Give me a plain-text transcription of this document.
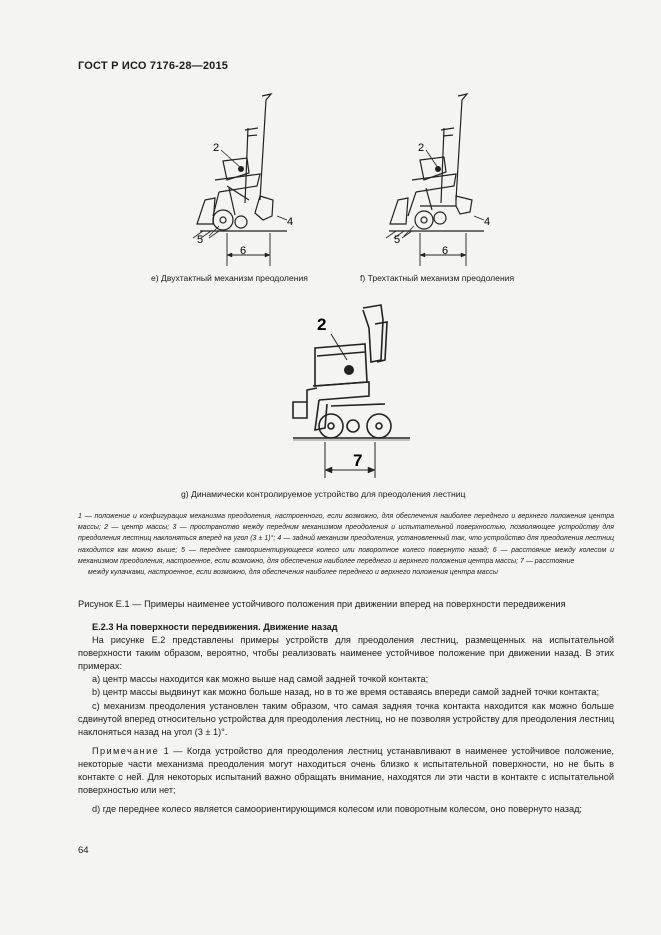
ГОСТ Р ИСО 7176-28—2015
2
4
5
6
2
4
5
6
e) Двухтактный механизм преодоления	f) Трехтактный механизм преодоления
2
7
g) Динамически контролируемое устройство для преодоления лестниц

1 — положение и конфигурация механизма преодоления, настроенного, если возможно, для обеспечения наиболее переднего и верхнего положения центра массы; 2 — центр массы; 3 — пространство между передним механизмом преодоления и испытательной поверхностью, позволяющее устройству для преодоления лестниц наклоняться вперед на угол (3 ± 1)°; 4 — задний механизм преодоления, установленный так, что устройство для преодоления лестниц находится как можно выше; 5 — переднее самоориентирующееся колесо или поворотное колесо повернуто назад; 6 — расстояние между колесом и механизмом преодоления, настроенное, если возможно, для обеспечения наиболее переднего и верхнего положения центра массы; 7 — расстояние

между кулачками, настроенное, если возможно, для обеспечения наиболее переднего и верхнего положения центра массы

Рисунок Е.1 — Примеры наименее устойчивого положения при движении вперед на поверхности передвижения

Е.2.3 На поверхности передвижения. Движение назад

На рисунке Е.2 представлены примеры устройств для преодоления лестниц, размещенных на испытательной поверхности таким образом, вероятно, чтобы реализовать наименее устойчивое положение при движении назад. В этих примерах:

а) центр массы находится как можно выше над самой задней точкой контакта;

b) центр массы выдвинут как можно больше назад, но в то же время оставаясь впереди самой задней точки контакта;

с) механизм преодоления установлен таким образом, что самая задняя точка контакта находится как можно больше сдвинутой вперед относительно устройства для преодоления лестниц, но не позволяя устройству для преодоления лестниц наклоняться назад на угол (3 ± 1)°.

Примечание 1 — Когда устройство для преодоления лестниц устанавливают в наименее устойчивое положение, некоторые части механизма преодоления могут находиться очень близко к испытательной поверхности, но не быть в контакте с ней. Для некоторых испытаний важно обращать внимание, находятся ли эти части в контакте с испытательной поверхностью или нет;

d) где переднее колесо является самоориентирующимся колесом или поворотным колесом, оно повернуто назад;

64
